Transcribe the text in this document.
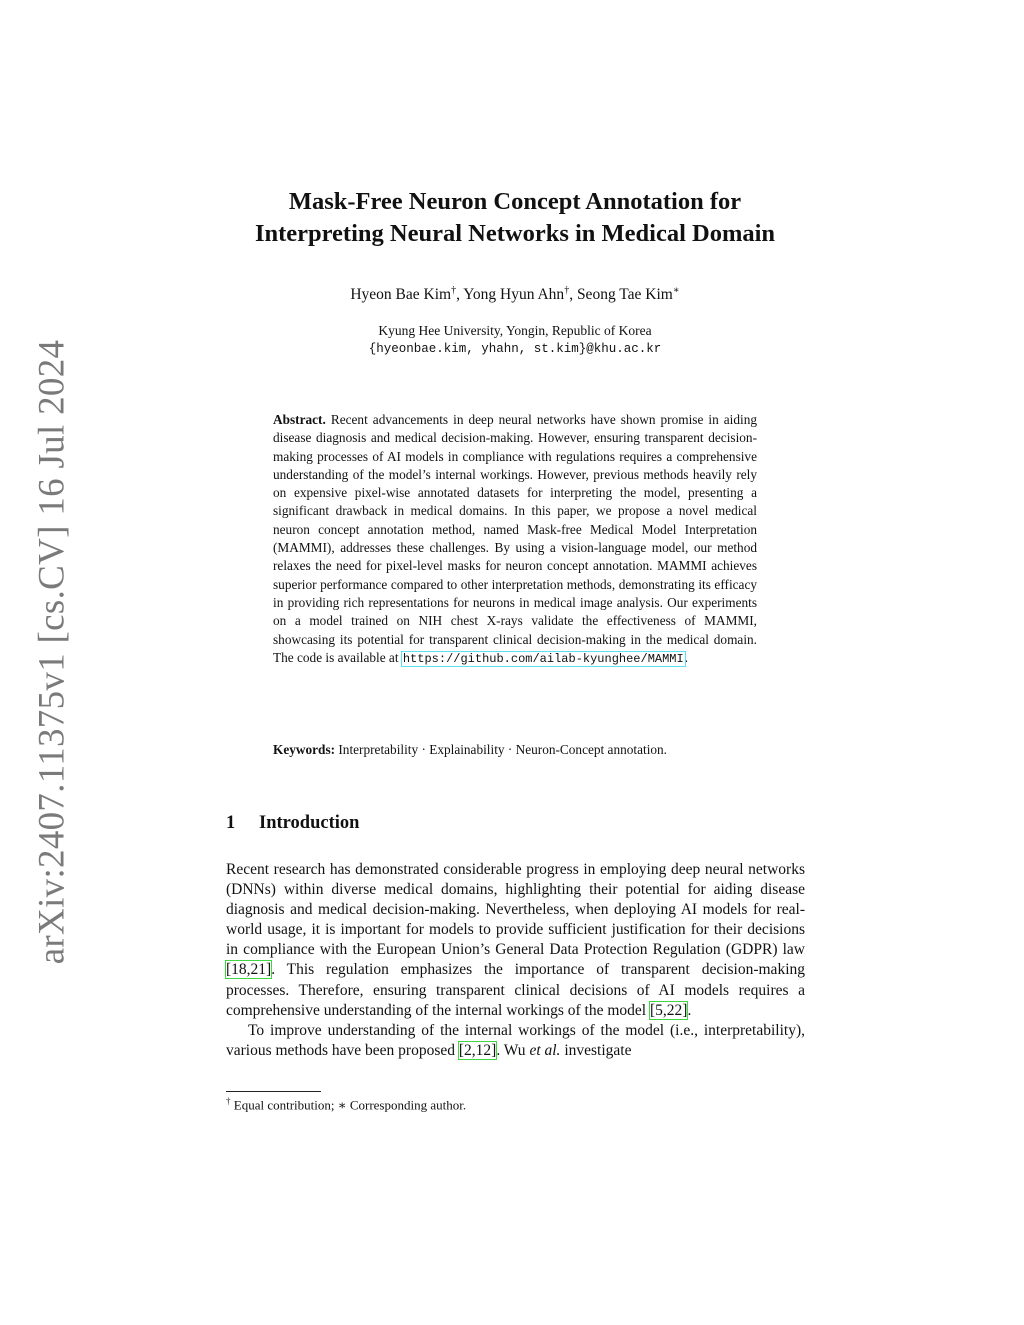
arXiv:2407.11375v1 [cs.CV] 16 Jul 2024
Mask-Free Neuron Concept Annotation for
Interpreting Neural Networks in Medical Domain
Hyeon Bae Kim†, Yong Hyun Ahn†, Seong Tae Kim∗
Kyung Hee University, Yongin, Republic of Korea
{hyeonbae.kim, yhahn, st.kim}@khu.ac.kr
Abstract. Recent advancements in deep neural networks have shown promise in aiding disease diagnosis and medical decision-making. However, ensuring transparent decision-making processes of AI models in compliance with regulations requires a comprehensive understanding of the model’s internal workings. However, previous methods heavily rely on expensive pixel-wise annotated datasets for interpreting the model, presenting a significant drawback in medical domains. In this paper, we propose a novel medical neuron concept annotation method, named Mask-free Medical Model Interpretation (MAMMI), addresses these challenges. By using a vision-language model, our method relaxes the need for pixel-level masks for neuron concept annotation. MAMMI achieves superior performance compared to other interpretation methods, demonstrating its efficacy in providing rich representations for neurons in medical image analysis. Our experiments on a model trained on NIH chest X-rays validate the effectiveness of MAMMI, showcasing its potential for transparent clinical decision-making in the medical domain. The code is available at https://github.com/ailab-kyunghee/MAMMI.
Keywords: Interpretability · Explainability · Neuron-Concept annotation.
1 Introduction

Recent research has demonstrated considerable progress in employing deep neural networks (DNNs) within diverse medical domains, highlighting their potential for aiding disease diagnosis and medical decision-making. Nevertheless, when deploying AI models for real-world usage, it is important for models to provide sufficient justification for their decisions in compliance with the European Union’s General Data Protection Regulation (GDPR) law [18,21]. This regulation emphasizes the importance of transparent decision-making processes. Therefore, ensuring transparent clinical decisions of AI models requires a comprehensive understanding of the internal workings of the model [5,22].

To improve understanding of the internal workings of the model (i.e., interpretability), various methods have been proposed [2,12]. Wu et al. investigate

† Equal contribution; ∗ Corresponding author.
